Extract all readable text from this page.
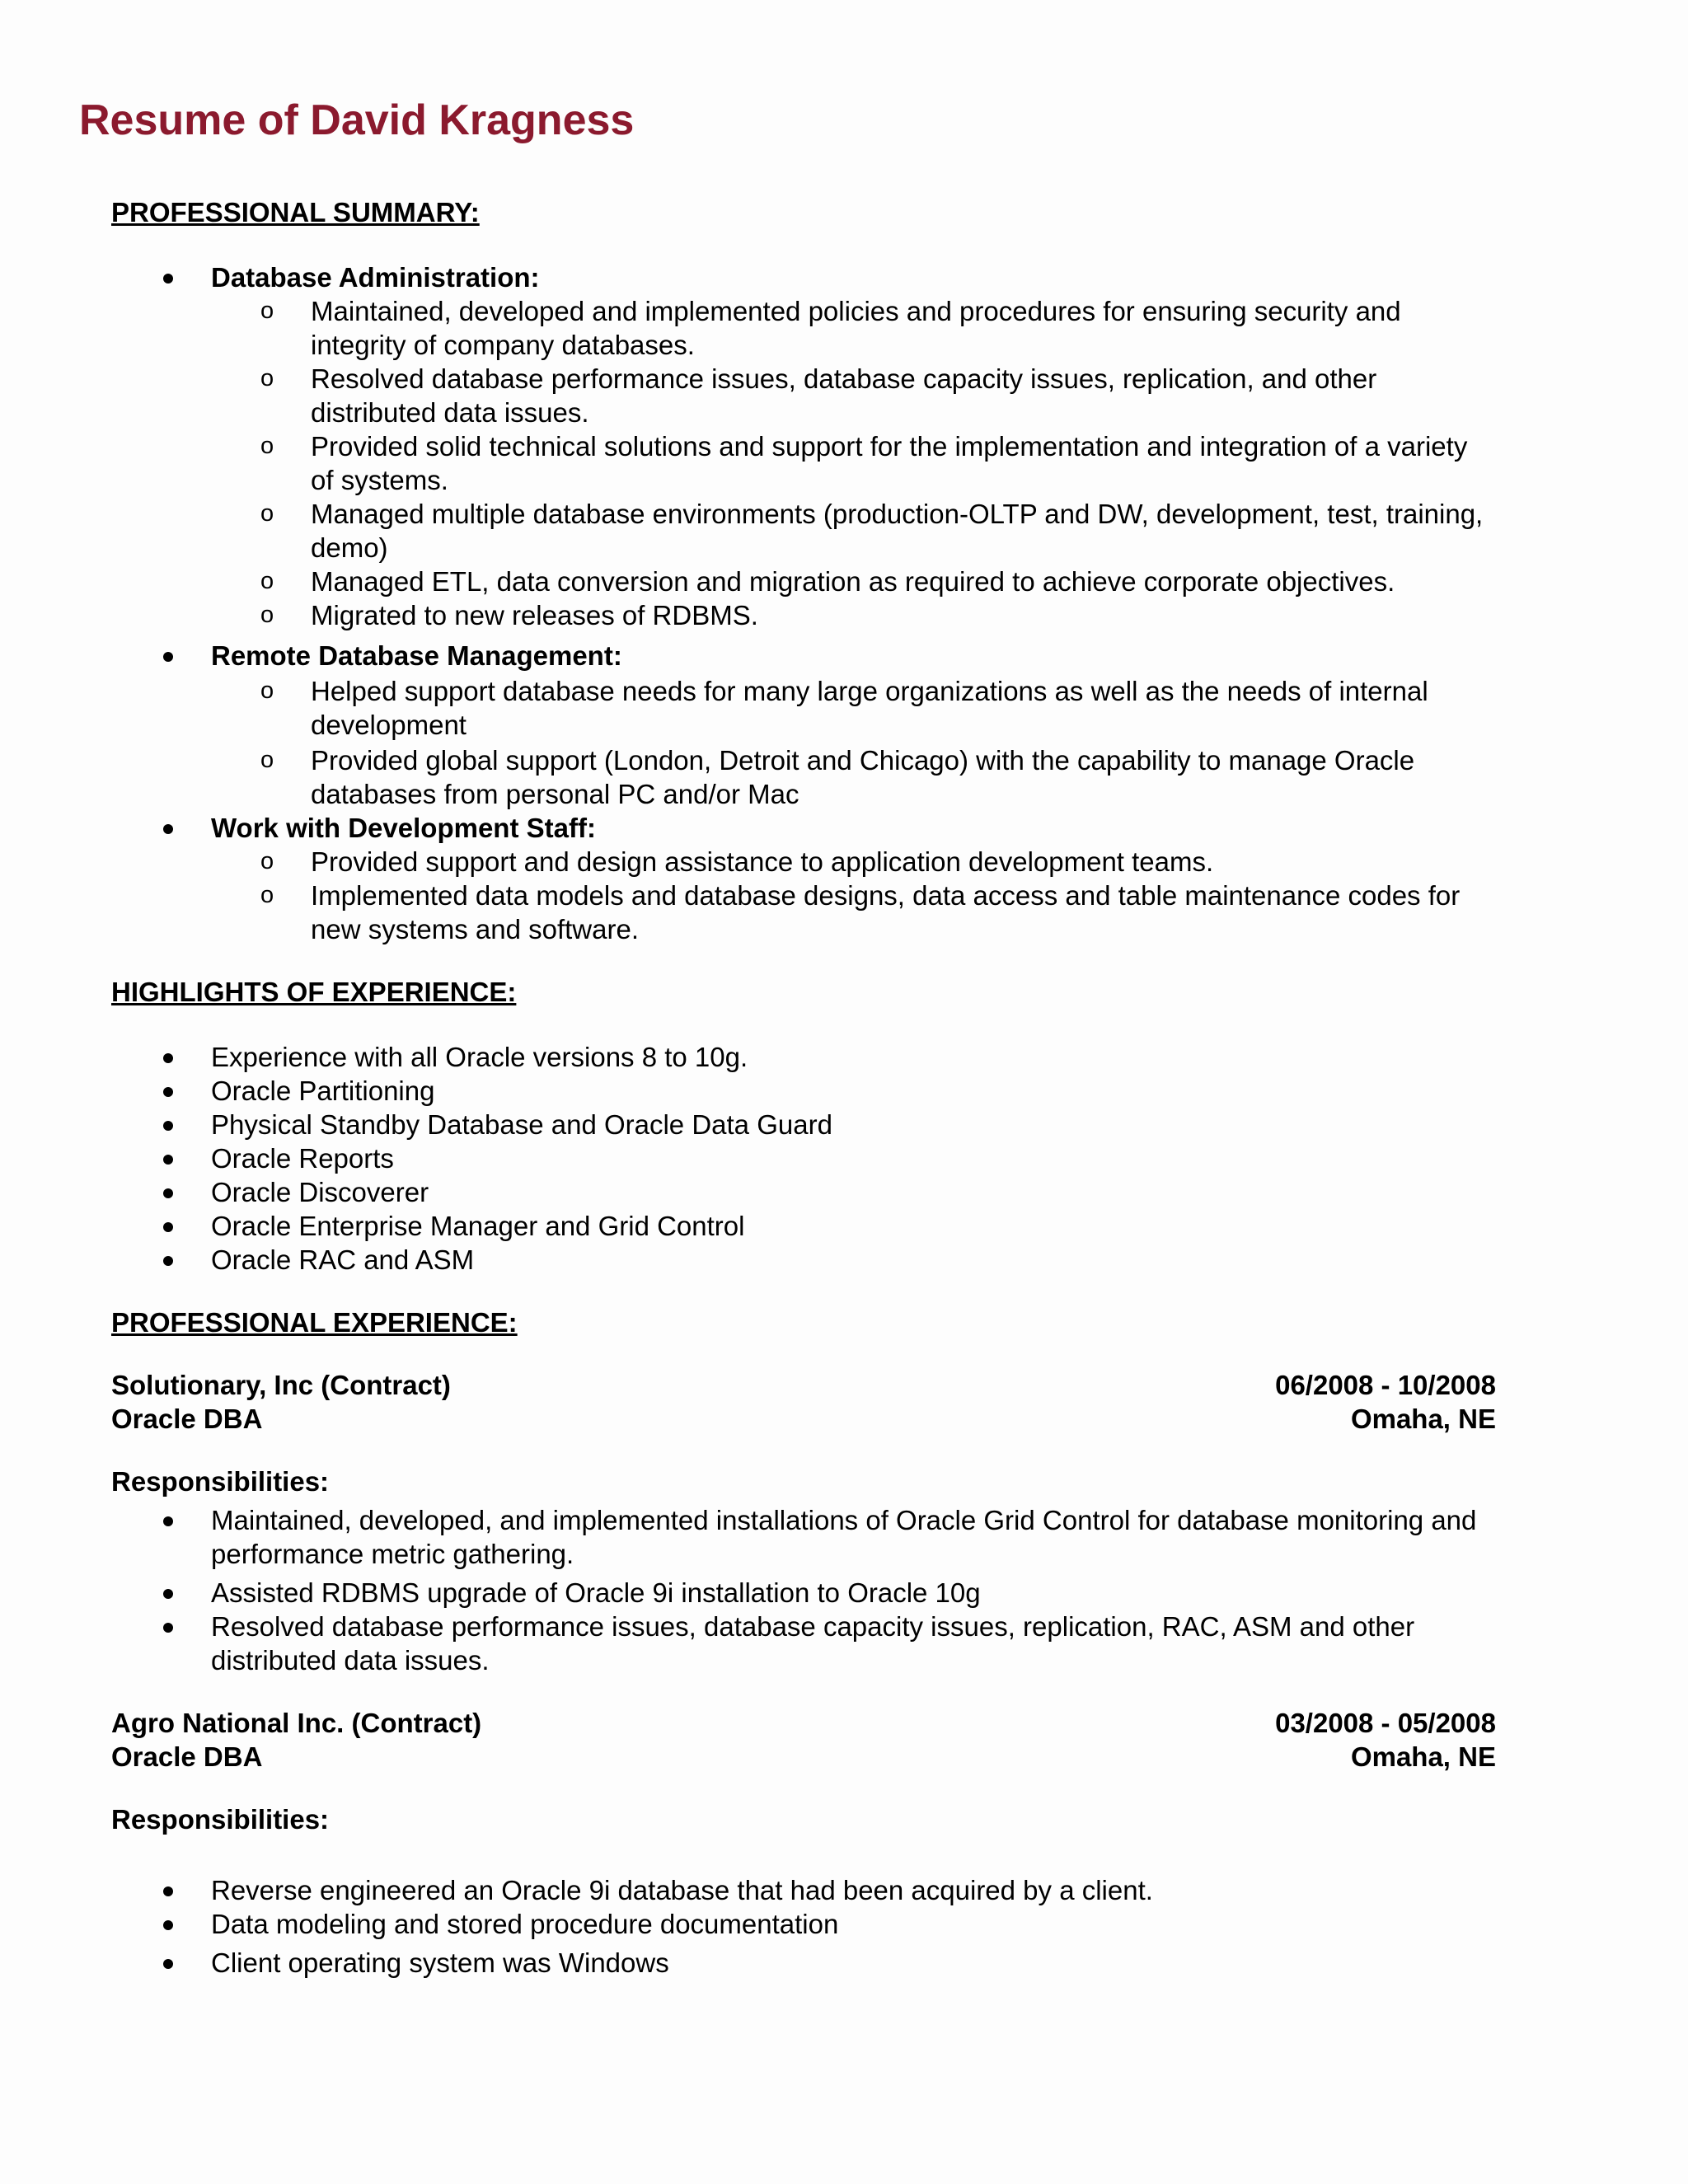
Resume of David Kragness
PROFESSIONAL SUMMARY:
Database Administration:
o Maintained, developed and implemented policies and procedures for ensuring security and integrity of company databases.
o Resolved database performance issues, database capacity issues, replication, and other distributed data issues.
o Provided solid technical solutions and support for the implementation and integration of a variety of systems.
o Managed multiple database environments (production-OLTP and DW, development, test, training, demo)
o Managed ETL, data conversion and migration as required to achieve corporate objectives.
o Migrated to new releases of RDBMS.
Remote Database Management:
o Helped support database needs for many large organizations as well as the needs of internal development
o Provided global support (London, Detroit and Chicago) with the capability to manage Oracle databases from personal PC and/or Mac
Work with Development Staff:
o Provided support and design assistance to application development teams.
o Implemented data models and database designs, data access and table maintenance codes for new systems and software.
HIGHLIGHTS OF EXPERIENCE:
Experience with all Oracle versions 8 to 10g.
Oracle Partitioning
Physical Standby Database and Oracle Data Guard
Oracle Reports
Oracle Discoverer
Oracle Enterprise Manager and Grid Control
Oracle RAC and ASM
PROFESSIONAL EXPERIENCE:
Solutionary, Inc (Contract)	06/2008 - 10/2008
Oracle DBA	Omaha, NE
Responsibilities:
Maintained, developed, and implemented installations of Oracle Grid Control for database monitoring and performance metric gathering.
Assisted RDBMS upgrade of Oracle 9i installation to Oracle 10g
Resolved database performance issues, database capacity issues, replication, RAC, ASM and other distributed data issues.
Agro National Inc. (Contract)	03/2008 - 05/2008
Oracle DBA	Omaha, NE
Responsibilities:
Reverse engineered an Oracle 9i database that had been acquired by a client.
Data modeling and stored procedure documentation
Client operating system was Windows
